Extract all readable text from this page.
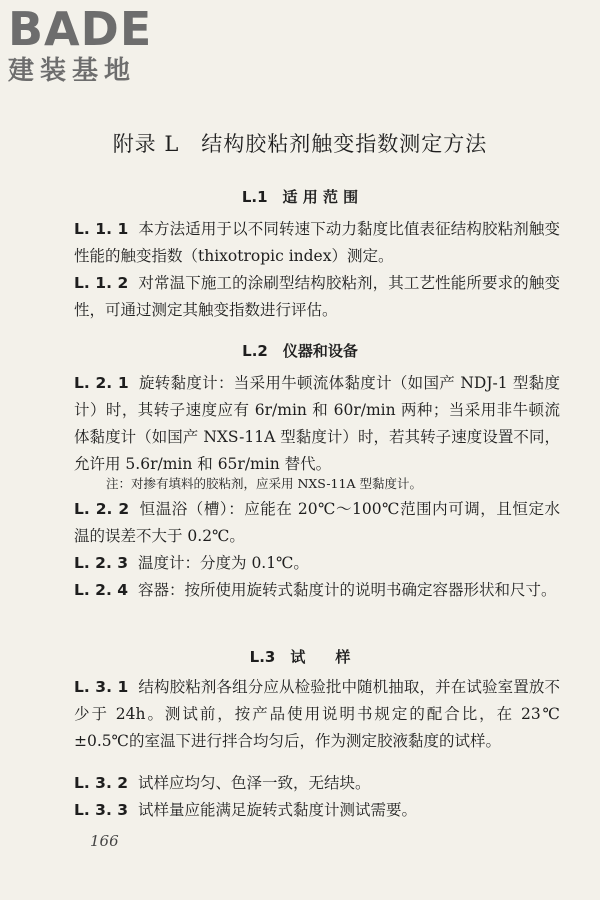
BADE
建装基地
附录 L　结构胶粘剂触变指数测定方法
L.1　适 用 范 围
L. 1. 1 本方法适用于以不同转速下动力黏度比值表征结构胶粘剂触变性能的触变指数（thixotropic index）测定。
L. 1. 2 对常温下施工的涂刷型结构胶粘剂，其工艺性能所要求的触变性，可通过测定其触变指数进行评估。
L.2　仪器和设备
L. 2. 1 旋转黏度计：当采用牛顿流体黏度计（如国产 NDJ-1 型黏度计）时，其转子速度应有 6r/min 和 60r/min 两种；当采用非牛顿流体黏度计（如国产 NXS-11A 型黏度计）时，若其转子速度设置不同，允许用 5.6r/min 和 65r/min 替代。
注：对掺有填料的胶粘剂，应采用 NXS-11A 型黏度计。
L. 2. 2 恒温浴（槽）：应能在 20℃～100℃范围内可调，且恒定水温的误差不大于 0.2℃。
L. 2. 3 温度计：分度为 0.1℃。
L. 2. 4 容器：按所使用旋转式黏度计的说明书确定容器形状和尺寸。
L.3　试　　样
L. 3. 1 结构胶粘剂各组分应从检验批中随机抽取，并在试验室置放不少于 24h。测试前，按产品使用说明书规定的配合比，在 23℃±0.5℃的室温下进行拌合均匀后，作为测定胶液黏度的试样。
L. 3. 2 试样应均匀、色泽一致，无结块。
L. 3. 3 试样量应能满足旋转式黏度计测试需要。
166
